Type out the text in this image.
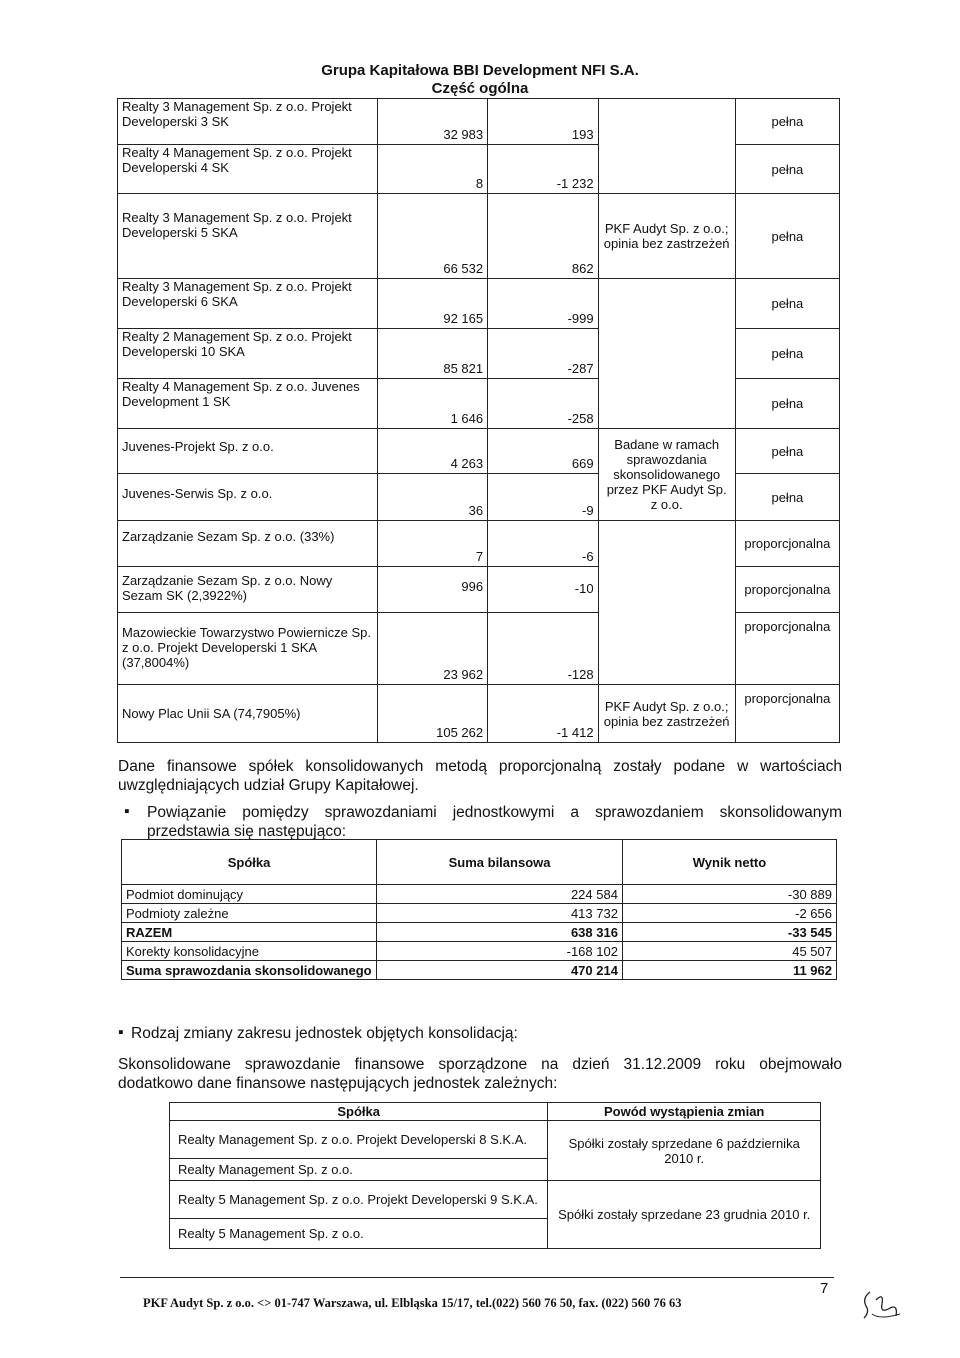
Grupa Kapitałowa BBI Development NFI S.A.
Część ogólna
Realty 3 Management Sp. z o.o. Projekt Developerski 3 SK	32 983	193		pełna
Realty 4 Management Sp. z o.o. Projekt Developerski 4 SK	8	-1 232		pełna
Realty 3 Management Sp. z o.o. Projekt Developerski 5 SKA	66 532	862	PKF Audyt Sp. z o.o.; opinia bez zastrzeżeń	pełna
Realty 3 Management Sp. z o.o. Projekt Developerski 6 SKA	92 165	-999		pełna
Realty 2 Management Sp. z o.o. Projekt Developerski 10 SKA	85 821	-287		pełna
Realty 4 Management Sp. z o.o. Juvenes Development 1 SK	1 646	-258		pełna
Juvenes-Projekt Sp. z o.o.	4 263	669	Badane w ramach sprawozdania skonsolidowanego przez PKF Audyt Sp. z o.o.	pełna
Juvenes-Serwis Sp. z o.o.	36	-9		pełna
Zarządzanie Sezam Sp. z o.o. (33%)	7	-6		proporcjonalna
Zarządzanie Sezam Sp. z o.o. Nowy Sezam SK (2,3922%)	996	-10		proporcjonalna
Mazowieckie Towarzystwo Powiernicze Sp. z o.o. Projekt Developerski 1 SKA (37,8004%)	23 962	-128		proporcjonalna
Nowy Plac Unii SA (74,7905%)	105 262	-1 412	PKF Audyt Sp. z o.o.; opinia bez zastrzeżeń	proporcjonalna
Dane finansowe spółek konsolidowanych metodą proporcjonalną zostały podane w wartościach uwzględniających udział Grupy Kapitałowej.
▪ Powiązanie pomiędzy sprawozdaniami jednostkowymi a sprawozdaniem skonsolidowanym przedstawia się następująco:
Spółka	Suma bilansowa	Wynik netto
Podmiot dominujący	224 584	-30 889
Podmioty zależne	413 732	-2 656
RAZEM	638 316	-33 545
Korekty konsolidacyjne	-168 102	45 507
Suma sprawozdania skonsolidowanego	470 214	11 962
▪ Rodzaj zmiany zakresu jednostek objętych konsolidacją:
Skonsolidowane sprawozdanie finansowe sporządzone na dzień 31.12.2009 roku obejmowało dodatkowo dane finansowe następujących jednostek zależnych:
Spółka	Powód wystąpienia zmian
Realty Management Sp. z o.o. Projekt Developerski 8 S.K.A.	Spółki zostały sprzedane 6 października 2010 r.
Realty Management Sp. z o.o.	
Realty 5 Management Sp. z o.o. Projekt Developerski 9 S.K.A.	Spółki zostały sprzedane 23 grudnia 2010 r.
Realty 5 Management Sp. z o.o.	
7
PKF Audyt Sp. z o.o. <> 01-747 Warszawa, ul. Elbląska 15/17, tel.(022) 560 76 50, fax. (022) 560 76 63
